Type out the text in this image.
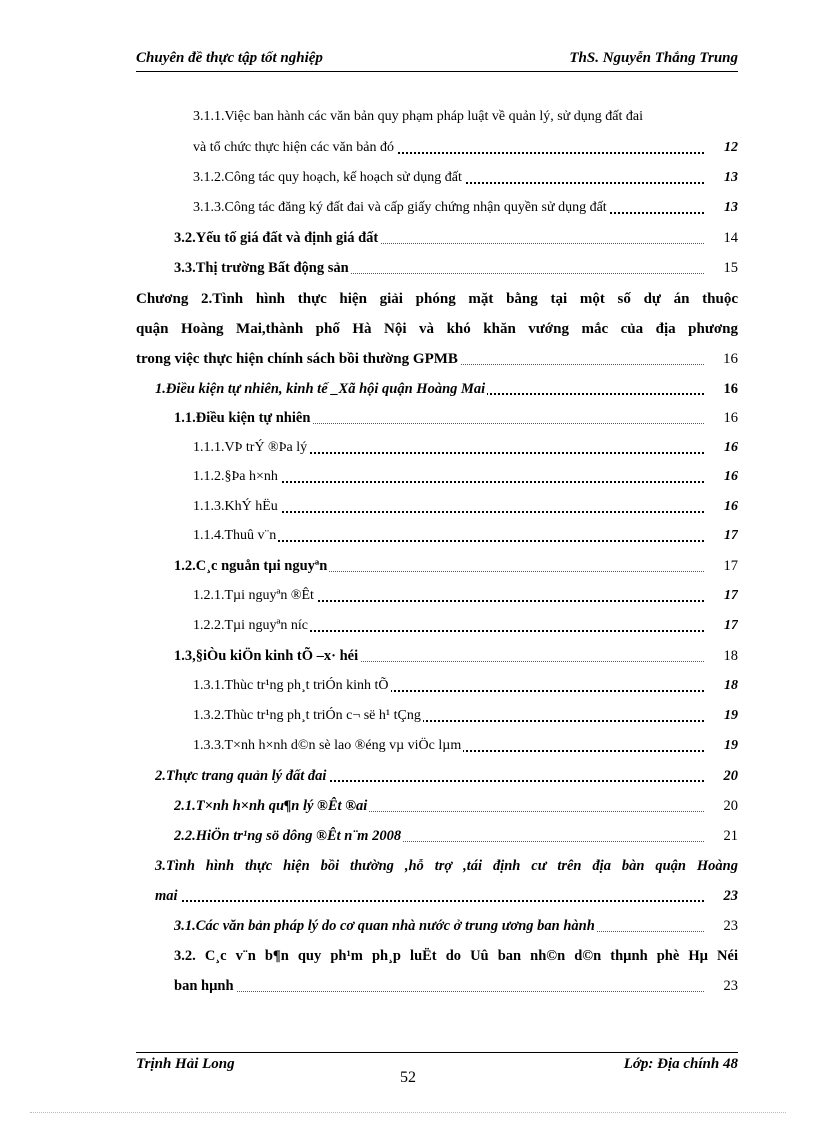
Chuyên đề thực tập tốt nghiệp	ThS. Nguyễn Thắng Trung
3.1.1.Việc ban hành các văn bản quy phạm pháp luật về quản lý, sử dụng đất đai
và tổ chức thực hiện các văn bản đó	12
3.1.2.Công tác quy hoạch, kế hoạch sử dụng đất	13
3.1.3.Công tác đăng ký đất đai và cấp giấy chứng nhận quyền sử dụng đất	13
3.2.Yếu tố giá đất và định giá đất	14
3.3.Thị trường Bất động sản	15
Chương 2.Tình hình thực hiện giải phóng mặt bằng tại một số dự án thuộc
quận Hoàng Mai,thành phố Hà Nội và khó khăn vướng mắc của địa phương
trong việc thực hiện chính sách bồi thường GPMB	16
1.Điều kiện tự nhiên, kinh tế _Xã hội quận Hoàng Mai	16
1.1.Điều kiện tự nhiên	16
1.1.1.VÞ trÝ ®Þa lý	16
1.1.2.§Þa h×nh	16
1.1.3.KhÝ hËu	16
1.1.4.Thuû v¨n	17
1.2.C¸c nguån tµi nguyªn	17
1.2.1.Tµi nguyªn ®Êt	17
1.2.2.Tµi nguyªn níc	17
1.3,§iÒu kiÖn kinh tÕ –x· héi	18
1.3.1.Thùc tr¹ng ph¸t triÓn kinh tÕ	18
1.3.2.Thùc tr¹ng ph¸t triÓn c¬ së h¹ tÇng	19
1.3.3.T×nh h×nh d©n sè lao ®éng vµ viÖc lµm	19
2.Thực trang quản lý đất đai	20
2.1.T×nh h×nh qu¶n lý ®Êt ®ai	20
2.2.HiÖn tr¹ng sö dông ®Êt n¨m 2008	21
3.Tình hình thực hiện bồi thường ,hỗ trợ ,tái định cư trên địa bàn quận Hoàng
mai	23
3.1.Các văn bản pháp lý do cơ quan nhà nước ở trung ương ban hành	23
3.2. C¸c v¨n b¶n quy ph¹m ph¸p luËt do Uû ban nh©n d©n thµnh phè Hµ Néi
ban hµnh	23
Trịnh Hải Long	Lớp: Địa chính 48
52
